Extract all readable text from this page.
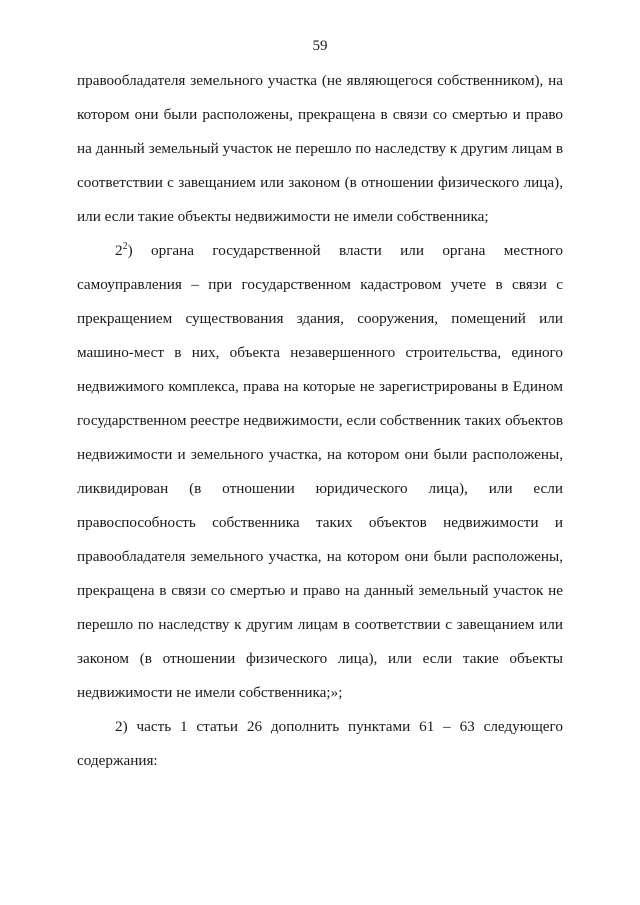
59

правообладателя земельного участка (не являющегося собственником), на котором они были расположены, прекращена в связи со смертью и право на данный земельный участок не перешло по наследству к другим лицам в соответствии с завещанием или законом (в отношении физического лица), или если такие объекты недвижимости не имели собственника;

$2^2$) органа государственной власти или органа местного самоуправления – при государственном кадастровом учете в связи с прекращением существования здания, сооружения, помещений или машино-мест в них, объекта незавершенного строительства, единого недвижимого комплекса, права на которые не зарегистрированы в Едином государственном реестре недвижимости, если собственник таких объектов недвижимости и земельного участка, на котором они были расположены, ликвидирован (в отношении юридического лица), или если правоспособность собственника таких объектов недвижимости и правообладателя земельного участка, на котором они были расположены, прекращена в связи со смертью и право на данный земельный участок не перешло по наследству к другим лицам в соответствии с завещанием или законом (в отношении физического лица), или если такие объекты недвижимости не имели собственника;»;

2) часть 1 статьи 26 дополнить пунктами 61 – 63 следующего содержания:
